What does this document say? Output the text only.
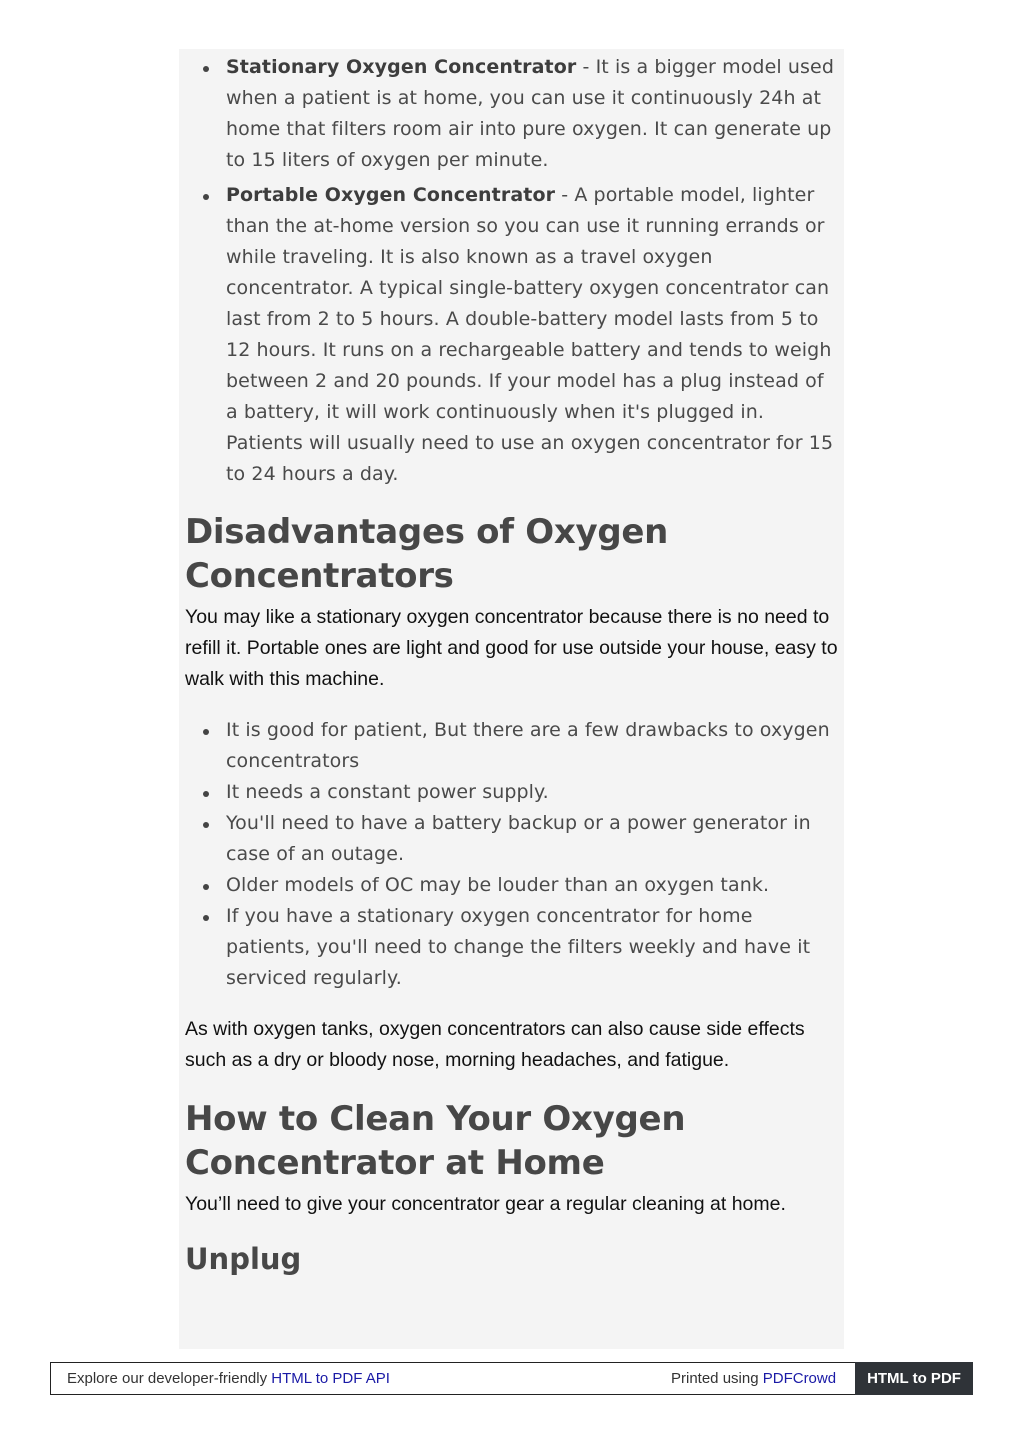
Stationary Oxygen Concentrator - It is a bigger model used when a patient is at home, you can use it continuously 24h at home that filters room air into pure oxygen. It can generate up to 15 liters of oxygen per minute.
Portable Oxygen Concentrator - A portable model, lighter than the at-home version so you can use it running errands or while traveling. It is also known as a travel oxygen concentrator. A typical single-battery oxygen concentrator can last from 2 to 5 hours. A double-battery model lasts from 5 to 12 hours. It runs on a rechargeable battery and tends to weigh between 2 and 20 pounds. If your model has a plug instead of a battery, it will work continuously when it's plugged in. Patients will usually need to use an oxygen concentrator for 15 to 24 hours a day.
Disadvantages of Oxygen Concentrators

You may like a stationary oxygen concentrator because there is no need to refill it. Portable ones are light and good for use outside your house, easy to walk with this machine.

It is good for patient, But there are a few drawbacks to oxygen concentrators
It needs a constant power supply.
You'll need to have a battery backup or a power generator in case of an outage.
Older models of OC may be louder than an oxygen tank.
If you have a stationary oxygen concentrator for home patients, you'll need to change the filters weekly and have it serviced regularly.

As with oxygen tanks, oxygen concentrators can also cause side effects such as a dry or bloody nose, morning headaches, and fatigue.

How to Clean Your Oxygen Concentrator at Home

You’ll need to give your concentrator gear a regular cleaning at home.

Unplug
Explore our developer-friendly HTML to PDF API	Printed using PDFCrowd	HTML to PDF
